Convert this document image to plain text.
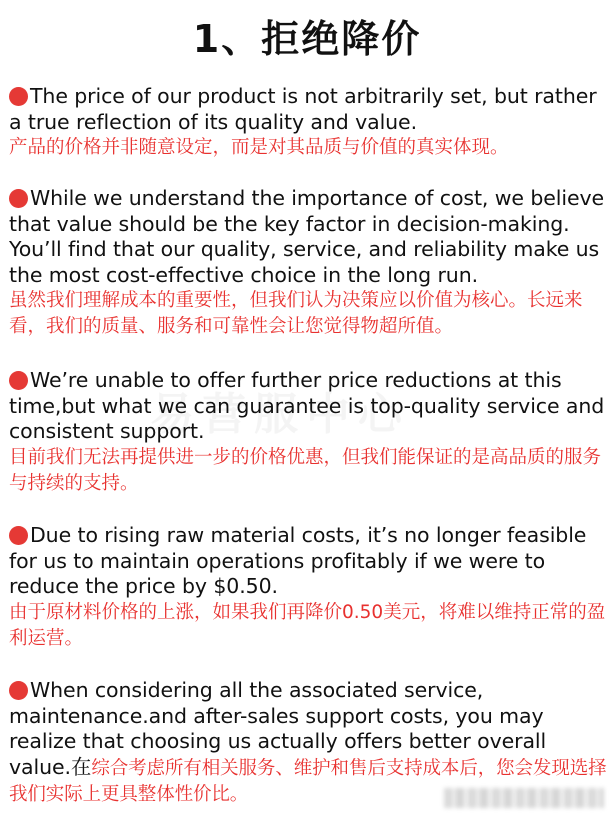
1、拒绝降价

The price of our product is not arbitrarily set, but rather a true reflection of its quality and value.

产品的价格并非随意设定，而是对其品质与价值的真实体现。

While we understand the importance of cost, we believe that value should be the key factor in decision-making. You’ll find that our quality, service, and reliability make us the most cost-effective choice in the long run.

虽然我们理解成本的重要性，但我们认为决策应以价值为核心。长远来看，我们的质量、服务和可靠性会让您觉得物超所值。

We’re unable to offer further price reductions at this time,but what we can guarantee is top-quality service and consistent support.

目前我们无法再提供进一步的价格优惠，但我们能保证的是高品质的服务与持续的支持。

Due to rising raw material costs, it’s no longer feasible for us to maintain operations profitably if we were to reduce the price by $0.50.

由于原材料价格的上涨，如果我们再降价0.50美元，将难以维持正常的盈利运营。

When considering all the associated service, maintenance.and after-sales support costs, you may realize that choosing us actually offers better overall value.在综合考虑所有相关服务、维护和售后支持成本后，您会发现选择我们实际上更具整体性价比。
